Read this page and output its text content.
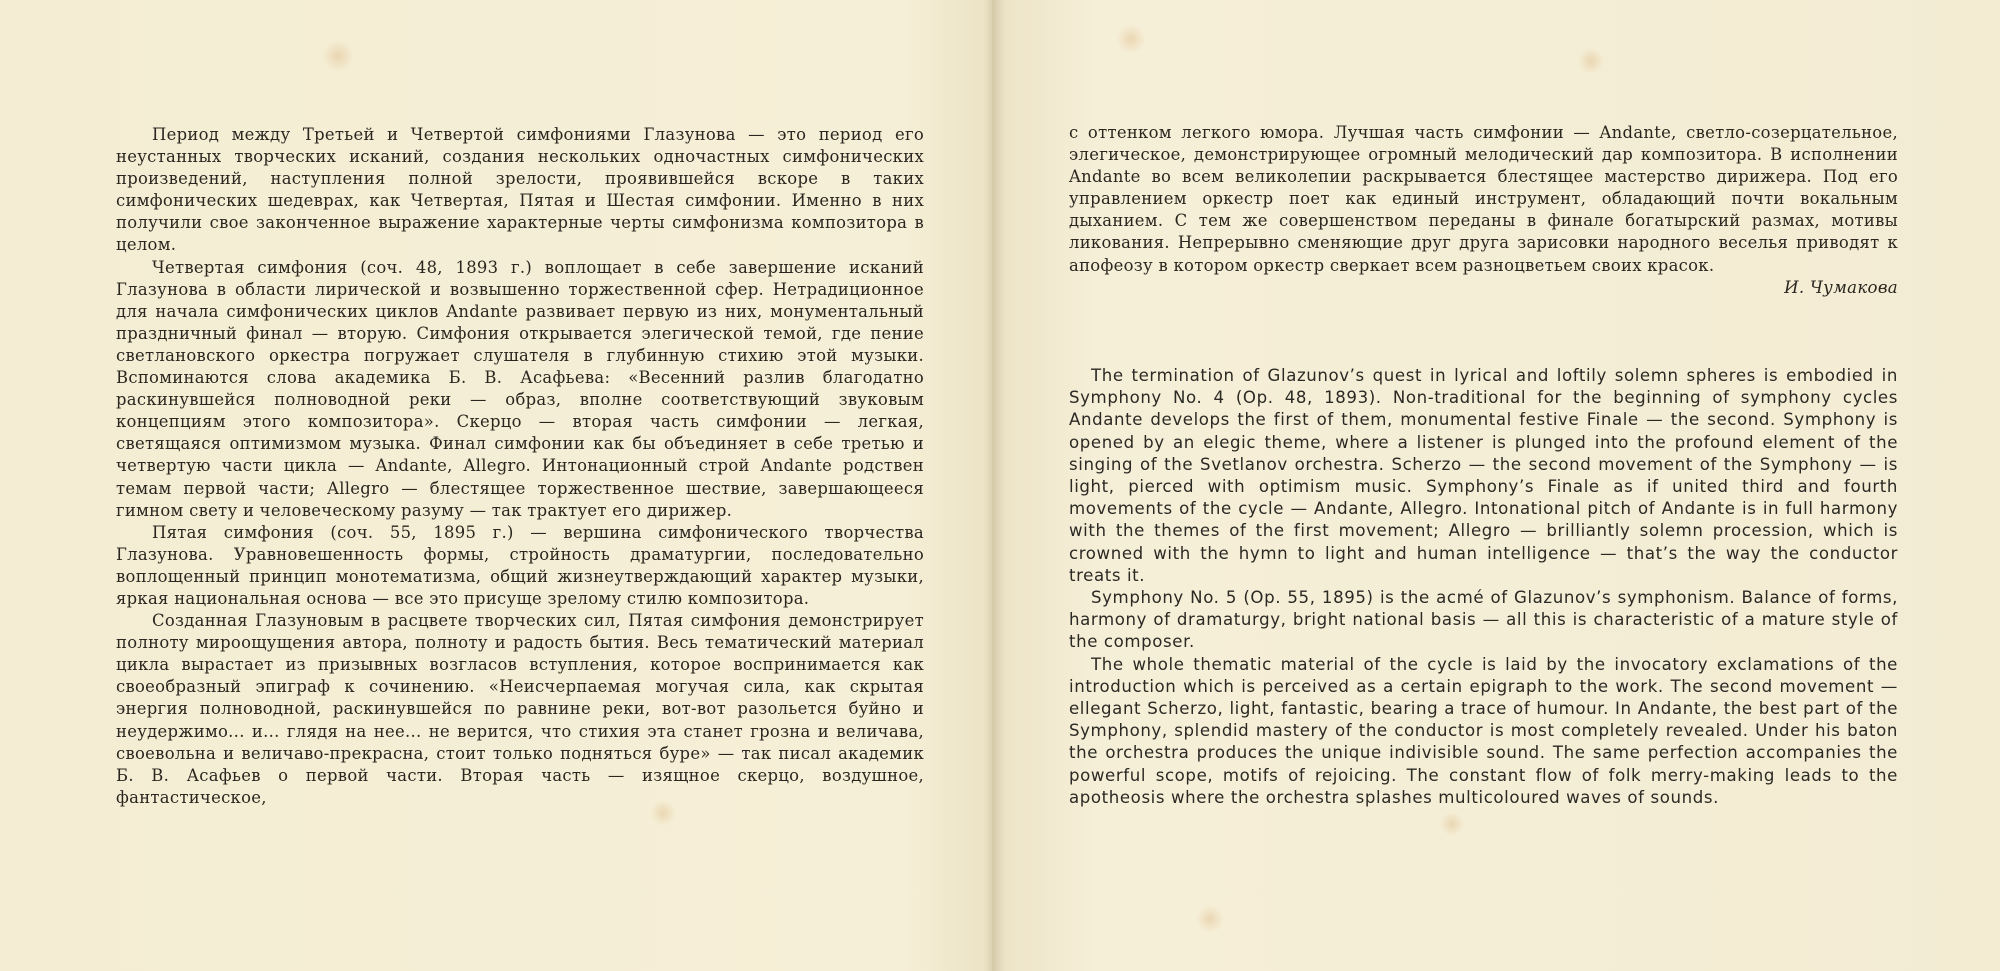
Период между Третьей и Четвертой симфониями Глазунова — это период его неустанных творческих исканий, создания нескольких одночастных симфонических произведений, наступления полной зрелости, проявившейся вскоре в таких симфонических шедеврах, как Четвертая, Пятая и Шестая симфонии. Именно в них получили свое законченное выражение характерные черты симфонизма композитора в целом.

Четвертая симфония (соч. 48, 1893 г.) воплощает в себе завершение исканий Глазунова в области лирической и возвышенно торжественной сфер. Нетрадиционное для начала симфонических циклов Andante развивает первую из них, монументальный праздничный финал — вторую. Симфония открывается элегической темой, где пение светлановского оркестра погружает слушателя в глубинную стихию этой музыки. Вспоминаются слова академика Б. В. Асафьева: «Весенний разлив благодатно раскинувшейся полноводной реки — образ, вполне соответствующий звуковым концепциям этого композитора». Скерцо — вторая часть симфонии — легкая, светящаяся оптимизмом музыка. Финал симфонии как бы объединяет в себе третью и четвертую части цикла — Andante, Allegro. Интонационный строй Andante родствен темам первой части; Allegro — блестящее торжественное шествие, завершающееся гимном свету и человеческому разуму — так трактует его дирижер.

Пятая симфония (соч. 55, 1895 г.) — вершина симфонического творчества Глазунова. Уравновешенность формы, стройность драматургии, последовательно воплощенный принцип монотематизма, общий жизнеутверждающий характер музыки, яркая национальная основа — все это присуще зрелому стилю композитора.

Созданная Глазуновым в расцвете творческих сил, Пятая симфония демонстрирует полноту мироощущения автора, полноту и радость бытия. Весь тематический материал цикла вырастает из призывных возгласов вступления, которое воспринимается как своеобразный эпиграф к сочинению. «Неисчерпаемая могучая сила, как скрытая энергия полноводной, раскинувшейся по равнине реки, вот-вот разольется буйно и неудержимо... и... глядя на нее... не верится, что стихия эта станет грозна и величава, своевольна и величаво-прекрасна, стоит только подняться буре» — так писал академик Б. В. Асафьев о первой части. Вторая часть — изящное скерцо, воздушное, фантастическое,

с оттенком легкого юмора. Лучшая часть симфонии — Andante, светло-созерцательное, элегическое, демонстрирующее огромный мелодический дар композитора. В исполнении Andante во всем великолепии раскрывается блестящее мастерство дирижера. Под его управлением оркестр поет как единый инструмент, обладающий почти вокальным дыханием. С тем же совершенством переданы в финале богатырский размах, мотивы ликования. Непрерывно сменяющие друг друга зарисовки народного веселья приводят к апофеозу в котором оркестр сверкает всем разноцветьем своих красок.

И. Чумакова

The termination of Glazunov’s quest in lyrical and loftily solemn spheres is embodied in Symphony No. 4 (Op. 48, 1893). Non-traditional for the beginning of symphony cycles Andante develops the first of them, monumental festive Finale — the second. Symphony is opened by an elegic theme, where a listener is plunged into the profound element of the singing of the Svetlanov orchestra. Scherzo — the second movement of the Symphony — is light, pierced with optimism music. Symphony’s Finale as if united third and fourth movements of the cycle — Andante, Allegro. Intonational pitch of Andante is in full harmony with the themes of the first movement; Allegro — brilliantly solemn procession, which is crowned with the hymn to light and human intelligence — that’s the way the conductor treats it.

Symphony No. 5 (Op. 55, 1895) is the acmé of Glazunov’s symphonism. Balance of forms, harmony of dramaturgy, bright national basis — all this is characteristic of a mature style of the composer.

The whole thematic material of the cycle is laid by the invocatory exclamations of the introduction which is perceived as a certain epigraph to the work. The second movement — ellegant Scherzo, light, fantastic, bearing a trace of humour. In Andante, the best part of the Symphony, splendid mastery of the conductor is most completely revealed. Under his baton the orchestra produces the unique indivisible sound. The same perfection accompanies the powerful scope, motifs of rejoicing. The constant flow of folk merry-making leads to the apotheosis where the orchestra splashes multicoloured waves of sounds.
